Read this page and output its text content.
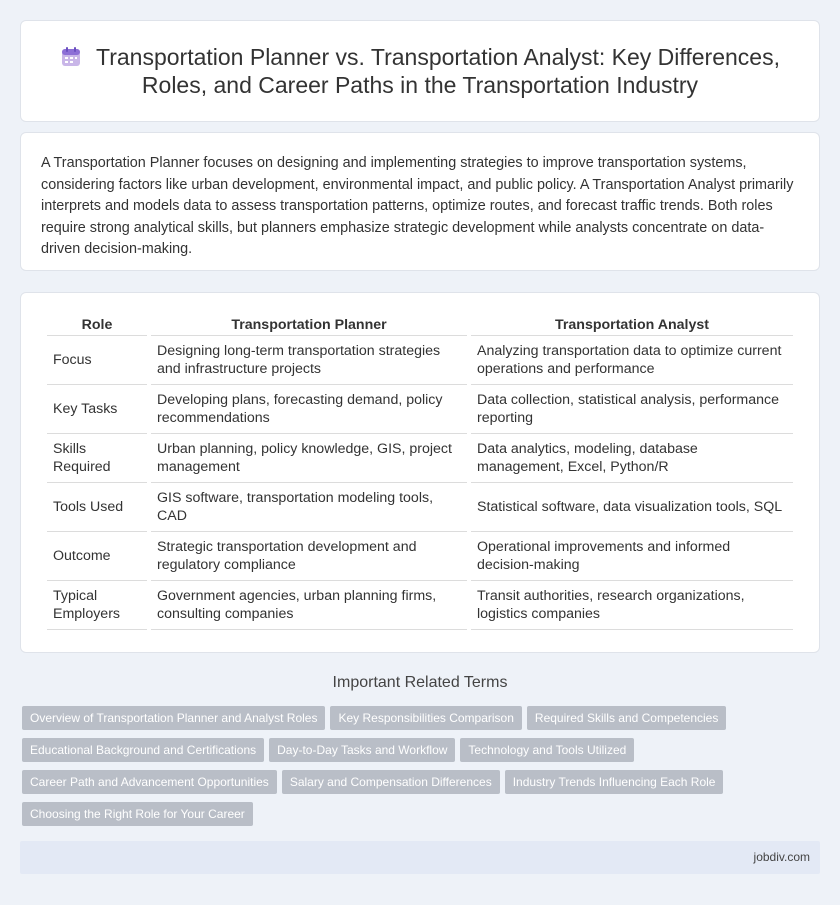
Transportation Planner vs. Transportation Analyst: Key Differences, Roles, and Career Paths in the Transportation Industry

A Transportation Planner focuses on designing and implementing strategies to improve transportation systems, considering factors like urban development, environmental impact, and public policy. A Transportation Analyst primarily interprets and models data to assess transportation patterns, optimize routes, and forecast traffic trends. Both roles require strong analytical skills, but planners emphasize strategic development while analysts concentrate on data-driven decision-making.

Role	Transportation Planner	Transportation Analyst
Focus	Designing long-term transportation strategies and infrastructure projects	Analyzing transportation data to optimize current operations and performance
Key Tasks	Developing plans, forecasting demand, policy recommendations	Data collection, statistical analysis, performance reporting
Skills Required	Urban planning, policy knowledge, GIS, project management	Data analytics, modeling, database management, Excel, Python/R
Tools Used	GIS software, transportation modeling tools, CAD	Statistical software, data visualization tools, SQL
Outcome	Strategic transportation development and regulatory compliance	Operational improvements and informed decision-making
Typical Employers	Government agencies, urban planning firms, consulting companies	Transit authorities, research organizations, logistics companies
Important Related Terms
Overview of Transportation Planner and Analyst Roles Key Responsibilities Comparison Required Skills and Competencies
Educational Background and Certifications Day-to-Day Tasks and Workflow Technology and Tools Utilized
Career Path and Advancement Opportunities Salary and Compensation Differences Industry Trends Influencing Each Role
Choosing the Right Role for Your Career
jobdiv.com
